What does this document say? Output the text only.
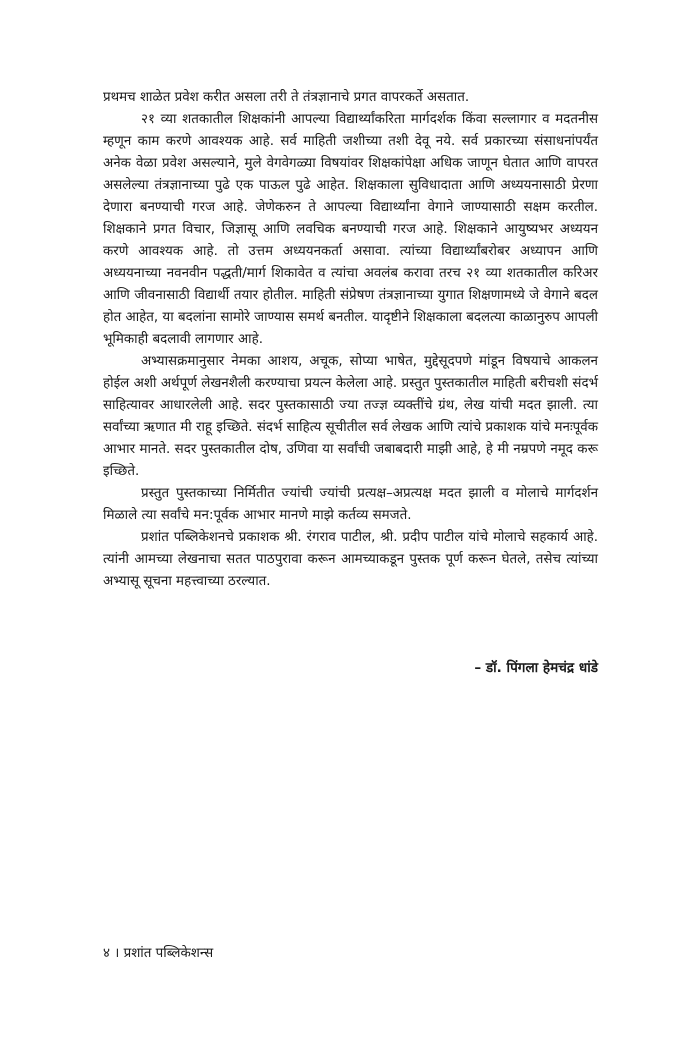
प्रथमच शाळेत प्रवेश करीत असला तरी ते तंत्रज्ञानाचे प्रगत वापरकर्ते असतात.

२१ व्या शतकातील शिक्षकांनी आपल्या विद्यार्थ्यांकरिता मार्गदर्शक किंवा सल्लागार व मदतनीस म्हणून काम करणे आवश्यक आहे. सर्व माहिती जशीच्या तशी देवू नये. सर्व प्रकारच्या संसाधनांपर्यंत अनेक वेळा प्रवेश असल्याने, मुले वेगवेगळ्या विषयांवर शिक्षकांपेक्षा अधिक जाणून घेतात आणि वापरत असलेल्या तंत्रज्ञानाच्या पुढे एक पाऊल पुढे आहेत. शिक्षकाला सुविधादाता आणि अध्ययनासाठी प्रेरणा देणारा बनण्याची गरज आहे. जेणेकरुन ते आपल्या विद्यार्थ्यांना वेगाने जाण्यासाठी सक्षम करतील. शिक्षकाने प्रगत विचार, जिज्ञासू आणि लवचिक बनण्याची गरज आहे. शिक्षकाने आयुष्यभर अध्ययन करणे आवश्यक आहे. तो उत्तम अध्ययनकर्ता असावा. त्यांच्या विद्यार्थ्यांबरोबर अध्यापन आणि अध्ययनाच्या नवनवीन पद्धती/मार्ग शिकावेत व त्यांचा अवलंब करावा तरच २१ व्या शतकातील करिअर आणि जीवनासाठी विद्यार्थी तयार होतील. माहिती संप्रेषण तंत्रज्ञानाच्या युगात शिक्षणामध्ये जे वेगाने बदल होत आहेत, या बदलांना सामोरे जाण्यास समर्थ बनतील. यादृष्टीने शिक्षकाला बदलत्या काळानुरुप आपली भूमिकाही बदलावी लागणार आहे.

अभ्यासक्रमानुसार नेमका आशय, अचूक, सोप्या भाषेत, मुद्देसूदपणे मांडून विषयाचे आकलन होईल अशी अर्थपूर्ण लेखनशैली करण्याचा प्रयत्न केलेला आहे. प्रस्तुत पुस्तकातील माहिती बरीचशी संदर्भ साहित्यावर आधारलेली आहे. सदर पुस्तकासाठी ज्या तज्ज्ञ व्यक्तींचे ग्रंथ, लेख यांची मदत झाली. त्या सर्वांच्या ऋणात मी राहू इच्छिते. संदर्भ साहित्य सूचीतील सर्व लेखक आणि त्यांचे प्रकाशक यांचे मनःपूर्वक आभार मानते. सदर पुस्तकातील दोष, उणिवा या सर्वांची जबाबदारी माझी आहे, हे मी नम्रपणे नमूद करू इच्छिते.

प्रस्तुत पुस्तकाच्या निर्मितीत ज्यांची ज्यांची प्रत्यक्ष–अप्रत्यक्ष मदत झाली व मोलाचे मार्गदर्शन मिळाले त्या सर्वांचे मन:पूर्वक आभार मानणे माझे कर्तव्य समजते.

प्रशांत पब्लिकेशनचे प्रकाशक श्री. रंगराव पाटील, श्री. प्रदीप पाटील यांचे मोलाचे सहकार्य आहे. त्यांनी आमच्या लेखनाचा सतत पाठपुरावा करून आमच्याकडून पुस्तक पूर्ण करून घेतले, तसेच त्यांच्या अभ्यासू सूचना महत्त्वाच्या ठरल्यात.

– डॉ. पिंगला हेमचंद्र धांडे
४ । प्रशांत पब्लिकेशन्स
